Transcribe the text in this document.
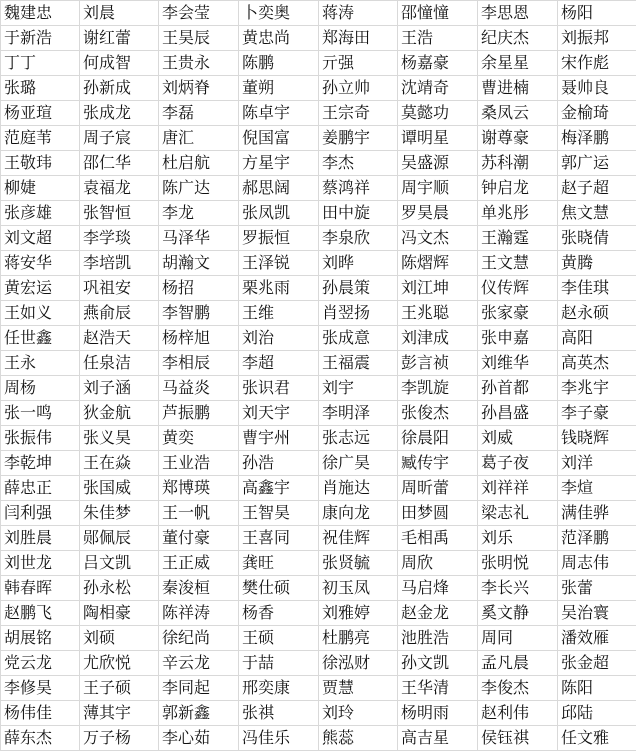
魏建忠	刘晨	李会莹	卜奕奥	蒋涛	邵憧憧	李思恩	杨阳
于新浩	谢红蕾	王昊辰	黄忠尚	郑海田	王浩	纪庆杰	刘振邦
丁丁	何成智	王贵永	陈鹏	亓强	杨嘉豪	余星星	宋作彪
张璐	孙新成	刘炳脊	董朔	孙立帅	沈靖奇	曹进楠	聂帅良
杨亚瑄	张成龙	李磊	陈卓宇	王宗奇	莫懿功	桑凤云	金榆琦
范庭苇	周子宸	唐汇	倪国富	姜鹏宇	谭明星	谢尊豪	梅泽鹏
王敬玮	邵仁华	杜启航	方星宇	李杰	吴盛源	苏科潮	郭广运
柳婕	袁福龙	陈广达	郝思阔	蔡鸿祥	周宇顺	钟启龙	赵子超
张彦雄	张智恒	李龙	张凤凯	田中旋	罗昊晨	单兆彤	焦文慧
刘文超	李学琰	马泽华	罗振恒	李泉欣	冯文杰	王瀚霆	张晓倩
蒋安华	李培凯	胡瀚文	王泽锐	刘晔	陈熠辉	王文慧	黄腾
黄宏运	巩祖安	杨招	栗兆雨	孙晨策	刘江坤	仪传辉	李佳琪
王如义	燕俞辰	李智鹏	王维	肖翌扬	王兆聪	张家豪	赵永硕
任世鑫	赵浩天	杨梓旭	刘治	张成意	刘津成	张申嘉	高阳
王永	任泉洁	李相辰	李超	王福震	彭言祯	刘维华	高英杰
周杨	刘子涵	马益炎	张识君	刘宇	李凯旋	孙首都	李兆宇
张一鸣	狄金航	芦振鹏	刘天宇	李明泽	张俊杰	孙昌盛	李子豪
张振伟	张义昊	黄奕	曹宇州	张志远	徐晨阳	刘威	钱晓辉
李乾坤	王在焱	王业浩	孙浩	徐广昊	臧传宇	葛子夜	刘洋
薛忠正	张国威	郑博瑛	高鑫宇	肖施达	周昕蕾	刘祥祥	李煊
闫利强	朱佳梦	王一帆	王智昊	康向龙	田梦圆	梁志礼	满佳骅
刘胜晨	郧佩辰	董付豪	王喜同	祝佳辉	毛相禹	刘乐	范泽鹏
刘世龙	吕文凯	王正威	龚旺	张贤毓	周欣	张明悦	周志伟
韩春晖	孙永松	秦浚桓	樊仕硕	初玉凤	马启烽	李长兴	张蕾
赵鹏飞	陶相豪	陈祥涛	杨香	刘雅婷	赵金龙	奚文静	吴治寰
胡展铭	刘硕	徐纪尚	王硕	杜鹏亮	池胜浩	周同	潘效雁
党云龙	尤欣悦	辛云龙	于喆	徐泓财	孙文凯	孟凡晨	张金超
李修昊	王子硕	李同起	邢奕康	贾慧	王华清	李俊杰	陈阳
杨伟佳	薄其宇	郭新鑫	张祺	刘玲	杨明雨	赵利伟	邱陆
薛东杰	万子杨	李心茹	冯佳乐	熊蕊	高吉星	侯钰祺	任文雅
